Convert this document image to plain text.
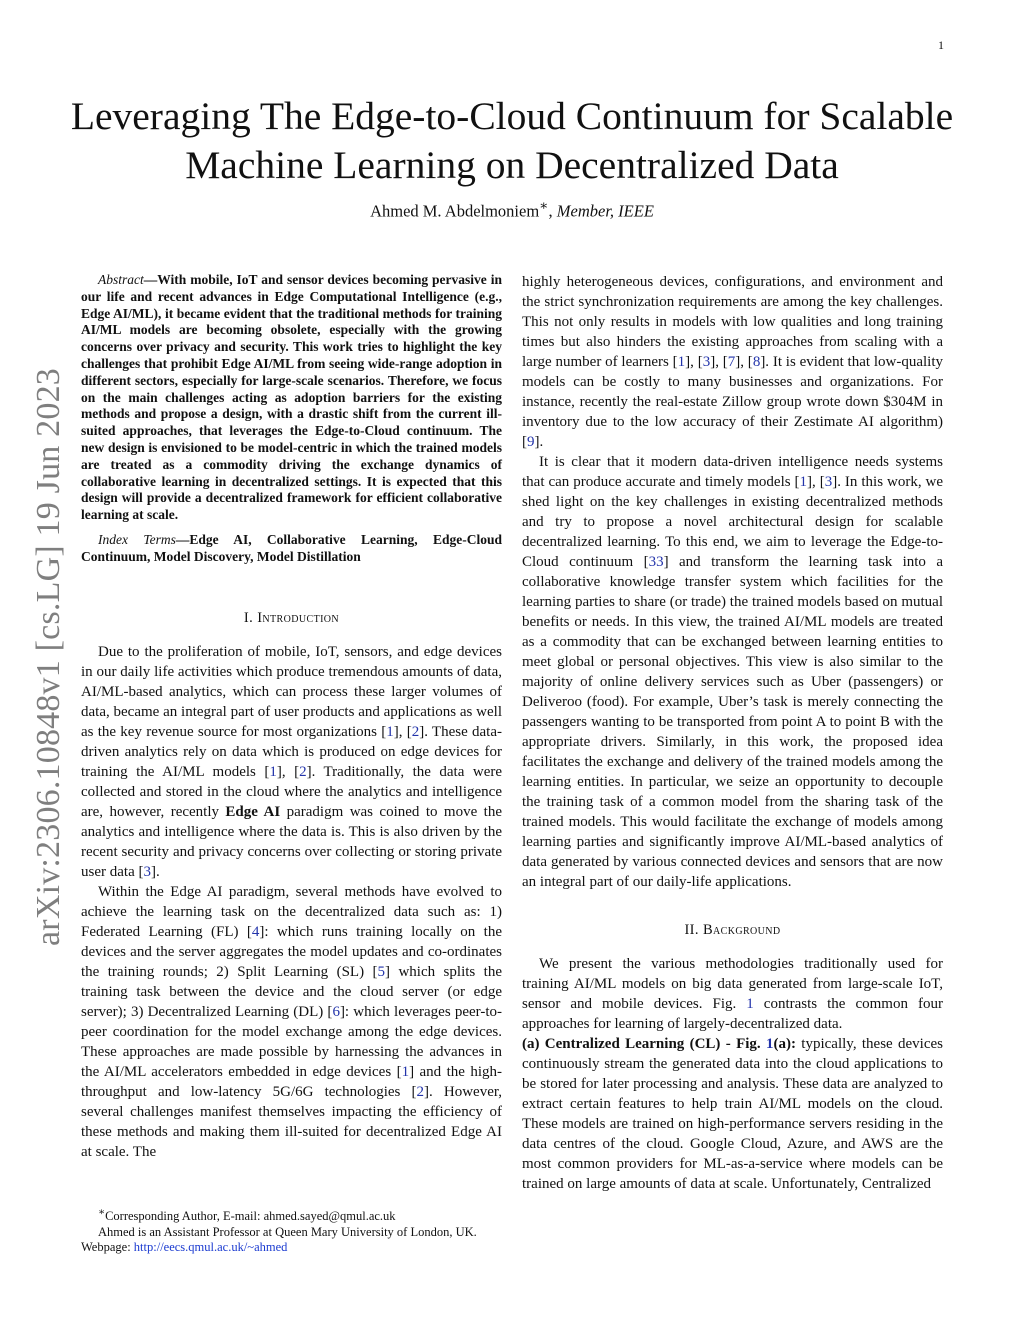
1
arXiv:2306.10848v1 [cs.LG] 19 Jun 2023
Leveraging The Edge-to-Cloud Continuum for Scalable Machine Learning on Decentralized Data
Ahmed M. Abdelmoniem∗, Member, IEEE

Abstract—With mobile, IoT and sensor devices becoming pervasive in our life and recent advances in Edge Computational Intelligence (e.g., Edge AI/ML), it became evident that the traditional methods for training AI/ML models are becoming obsolete, especially with the growing concerns over privacy and security. This work tries to highlight the key challenges that prohibit Edge AI/ML from seeing wide-range adoption in different sectors, especially for large-scale scenarios. Therefore, we focus on the main challenges acting as adoption barriers for the existing methods and propose a design, with a drastic shift from the current ill-suited approaches, that leverages the Edge-to-Cloud continuum. The new design is envisioned to be model-centric in which the trained models are treated as a commodity driving the exchange dynamics of collaborative learning in decentralized settings. It is expected that this design will provide a decentralized framework for efficient collaborative learning at scale.

Index Terms—Edge AI, Collaborative Learning, Edge-Cloud Continuum, Model Discovery, Model Distillation

I. Introduction

Due to the proliferation of mobile, IoT, sensors, and edge devices in our daily life activities which produce tremendous amounts of data, AI/ML-based analytics, which can process these larger volumes of data, became an integral part of user products and applications as well as the key revenue source for most organizations [1], [2]. These data-driven analytics rely on data which is produced on edge devices for training the AI/ML models [1], [2]. Traditionally, the data were collected and stored in the cloud where the analytics and intelligence are, however, recently Edge AI paradigm was coined to move the analytics and intelligence where the data is. This is also driven by the recent security and privacy concerns over collecting or storing private user data [3].

Within the Edge AI paradigm, several methods have evolved to achieve the learning task on the decentralized data such as: 1) Federated Learning (FL) [4]: which runs training locally on the devices and the server aggregates the model updates and co-ordinates the training rounds; 2) Split Learning (SL) [5] which splits the training task between the device and the cloud server (or edge server); 3) Decentralized Learning (DL) [6]: which leverages peer-to-peer coordination for the model exchange among the edge devices. These approaches are made possible by harnessing the advances in the AI/ML accelerators embedded in edge devices [1] and the high-throughput and low-latency 5G/6G technologies [2]. However, several challenges manifest themselves impacting the efficiency of these methods and making them ill-suited for decentralized Edge AI at scale. The

∗Corresponding Author, E-mail: ahmed.sayed@qmul.ac.uk

Ahmed is an Assistant Professor at Queen Mary University of London, UK.

Webpage: http://eecs.qmul.ac.uk/~ahmed

highly heterogeneous devices, configurations, and environment and the strict synchronization requirements are among the key challenges. This not only results in models with low qualities and long training times but also hinders the existing approaches from scaling with a large number of learners [1], [3], [7], [8]. It is evident that low-quality models can be costly to many businesses and organizations. For instance, recently the real-estate Zillow group wrote down $304M in inventory due to the low accuracy of their Zestimate AI algorithm) [9].

It is clear that it modern data-driven intelligence needs systems that can produce accurate and timely models [1], [3]. In this work, we shed light on the key challenges in existing decentralized methods and try to propose a novel architectural design for scalable decentralized learning. To this end, we aim to leverage the Edge-to-Cloud continuum [33] and transform the learning task into a collaborative knowledge transfer system which facilities for the learning parties to share (or trade) the trained models based on mutual benefits or needs. In this view, the trained AI/ML models are treated as a commodity that can be exchanged between learning entities to meet global or personal objectives. This view is also similar to the majority of online delivery services such as Uber (passengers) or Deliveroo (food). For example, Uber’s task is merely connecting the passengers wanting to be transported from point A to point B with the appropriate drivers. Similarly, in this work, the proposed idea facilitates the exchange and delivery of the trained models among the learning entities. In particular, we seize an opportunity to decouple the training task of a common model from the sharing task of the trained models. This would facilitate the exchange of models among learning parties and significantly improve AI/ML-based analytics of data generated by various connected devices and sensors that are now an integral part of our daily-life applications.

II. Background

We present the various methodologies traditionally used for training AI/ML models on big data generated from large-scale IoT, sensor and mobile devices. Fig. 1 contrasts the common four approaches for learning of largely-decentralized data.

(a) Centralized Learning (CL) - Fig. 1(a): typically, these devices continuously stream the generated data into the cloud applications to be stored for later processing and analysis. These data are analyzed to extract certain features to help train AI/ML models on the cloud. These models are trained on high-performance servers residing in the data centres of the cloud. Google Cloud, Azure, and AWS are the most common providers for ML-as-a-service where models can be trained on large amounts of data at scale. Unfortunately, Centralized
